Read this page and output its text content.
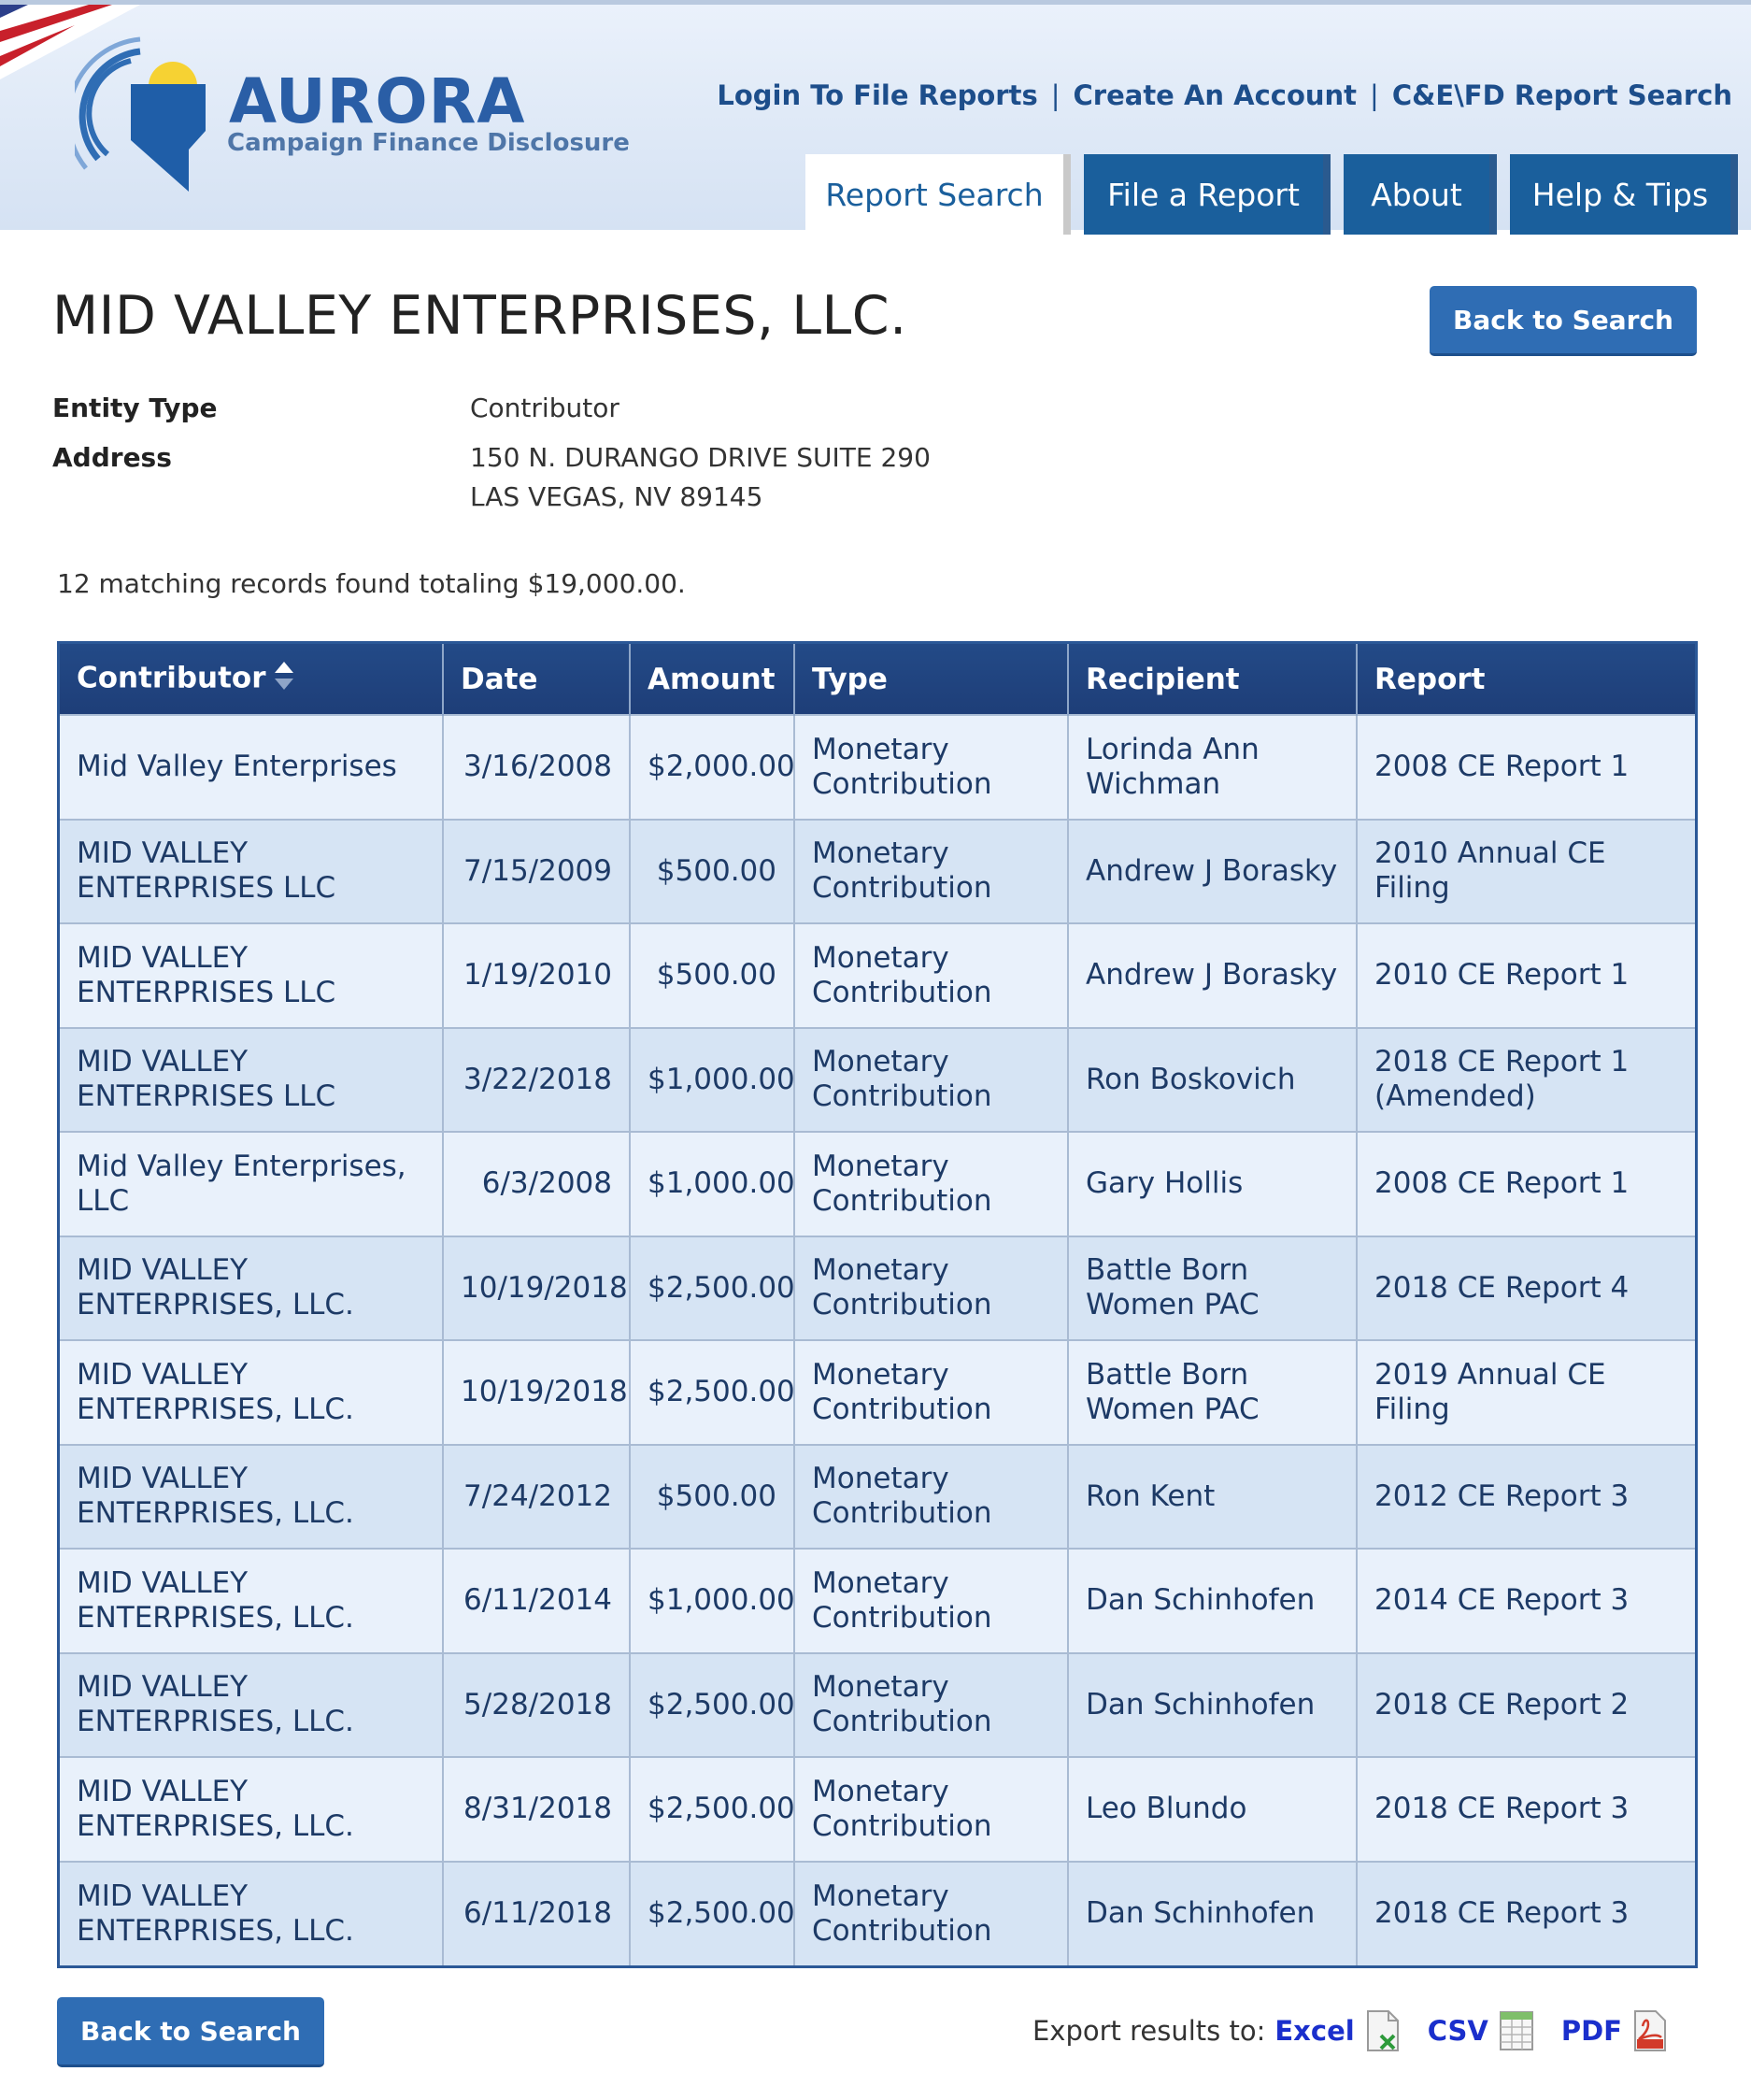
AURORA
Campaign Finance Disclosure
Login To File Reports | Create An Account | C&E\FD Report Search
Report Search	File a Report	About	Help & Tips
MID VALLEY ENTERPRISES, LLC.	Back to Search
Entity Type	Contributor
Address	150 N. DURANGO DRIVE SUITE 290
LAS VEGAS, NV 89145
12 matching records found totaling $19,000.00.
Contributor	Date	Amount	Type	Recipient	Report
Mid Valley Enterprises	3/16/2008	$2,000.00	Monetary Contribution	Lorinda Ann Wichman	2008 CE Report 1
MID VALLEY ENTERPRISES LLC	7/15/2009	$500.00	Monetary Contribution	Andrew J Borasky	2010 Annual CE Filing
MID VALLEY ENTERPRISES LLC	1/19/2010	$500.00	Monetary Contribution	Andrew J Borasky	2010 CE Report 1
MID VALLEY ENTERPRISES LLC	3/22/2018	$1,000.00	Monetary Contribution	Ron Boskovich	2018 CE Report 1 (Amended)
Mid Valley Enterprises, LLC	6/3/2008	$1,000.00	Monetary Contribution	Gary Hollis	2008 CE Report 1
MID VALLEY ENTERPRISES, LLC.	10/19/2018	$2,500.00	Monetary Contribution	Battle Born Women PAC	2018 CE Report 4
MID VALLEY ENTERPRISES, LLC.	10/19/2018	$2,500.00	Monetary Contribution	Battle Born Women PAC	2019 Annual CE Filing
MID VALLEY ENTERPRISES, LLC.	7/24/2012	$500.00	Monetary Contribution	Ron Kent	2012 CE Report 3
MID VALLEY ENTERPRISES, LLC.	6/11/2014	$1,000.00	Monetary Contribution	Dan Schinhofen	2014 CE Report 3
MID VALLEY ENTERPRISES, LLC.	5/28/2018	$2,500.00	Monetary Contribution	Dan Schinhofen	2018 CE Report 2
MID VALLEY ENTERPRISES, LLC.	8/31/2018	$2,500.00	Monetary Contribution	Leo Blundo	2018 CE Report 3
MID VALLEY ENTERPRISES, LLC.	6/11/2018	$2,500.00	Monetary Contribution	Dan Schinhofen	2018 CE Report 3
Back to Search	Export results to: Excel	CSV	PDF
